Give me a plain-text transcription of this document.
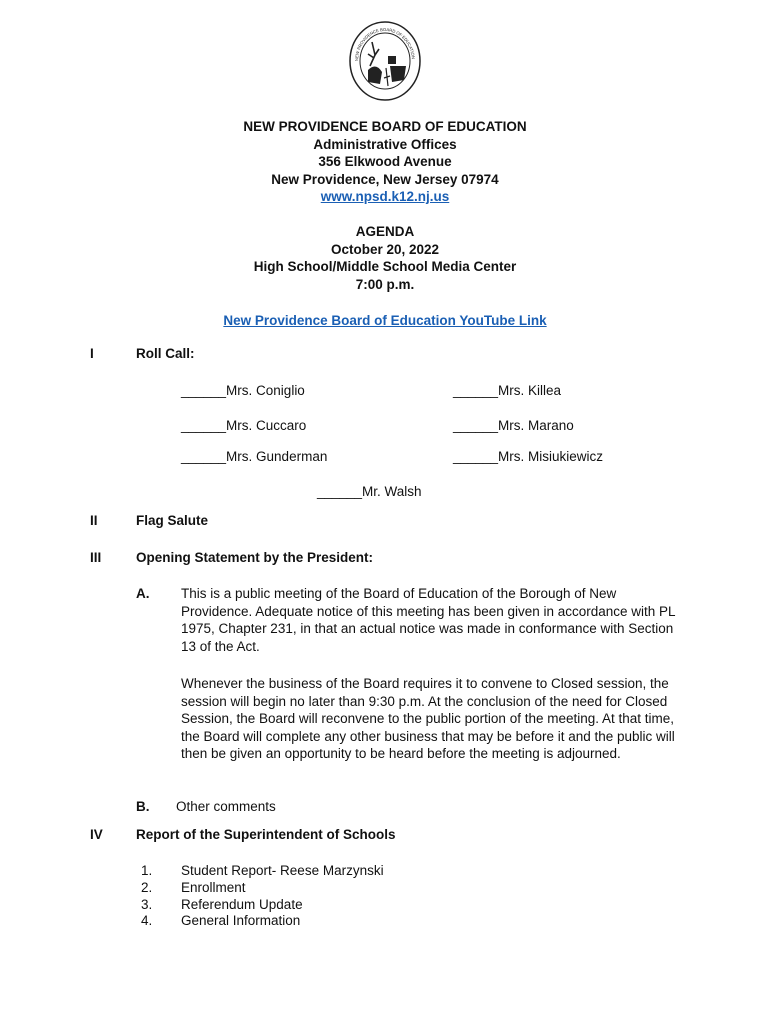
NEW PROVIDENCE BOARD OF EDUCATION
NEW PROVIDENCE BOARD OF EDUCATION
Administrative Offices
356 Elkwood Avenue
New Providence, New Jersey 07974
www.npsd.k12.nj.us
AGENDA
October 20, 2022
High School/Middle School Media Center
7:00 p.m.
New Providence Board of Education YouTube Link
I	Roll Call:
______Mrs. Coniglio	______Mrs. Killea
______Mrs. Cuccaro	______Mrs. Marano
______Mrs. Gunderman	______Mrs. Misiukiewicz
______Mr. Walsh
II	Flag Salute
III	Opening Statement by the President:
A. This is a public meeting of the Board of Education of the Borough of New Providence. Adequate notice of this meeting has been given in accordance with PL 1975, Chapter 231, in that an actual notice was made in conformance with Section 13 of the Act.
Whenever the business of the Board requires it to convene to Closed session, the session will begin no later than 9:30 p.m. At the conclusion of the need for Closed Session, the Board will reconvene to the public portion of the meeting. At that time, the Board will complete any other business that may be before it and the public will then be given an opportunity to be heard before the meeting is adjourned.
B. Other comments
IV Report of the Superintendent of Schools
1. Student Report- Reese Marzynski
2. Enrollment
3. Referendum Update
4. General Information
